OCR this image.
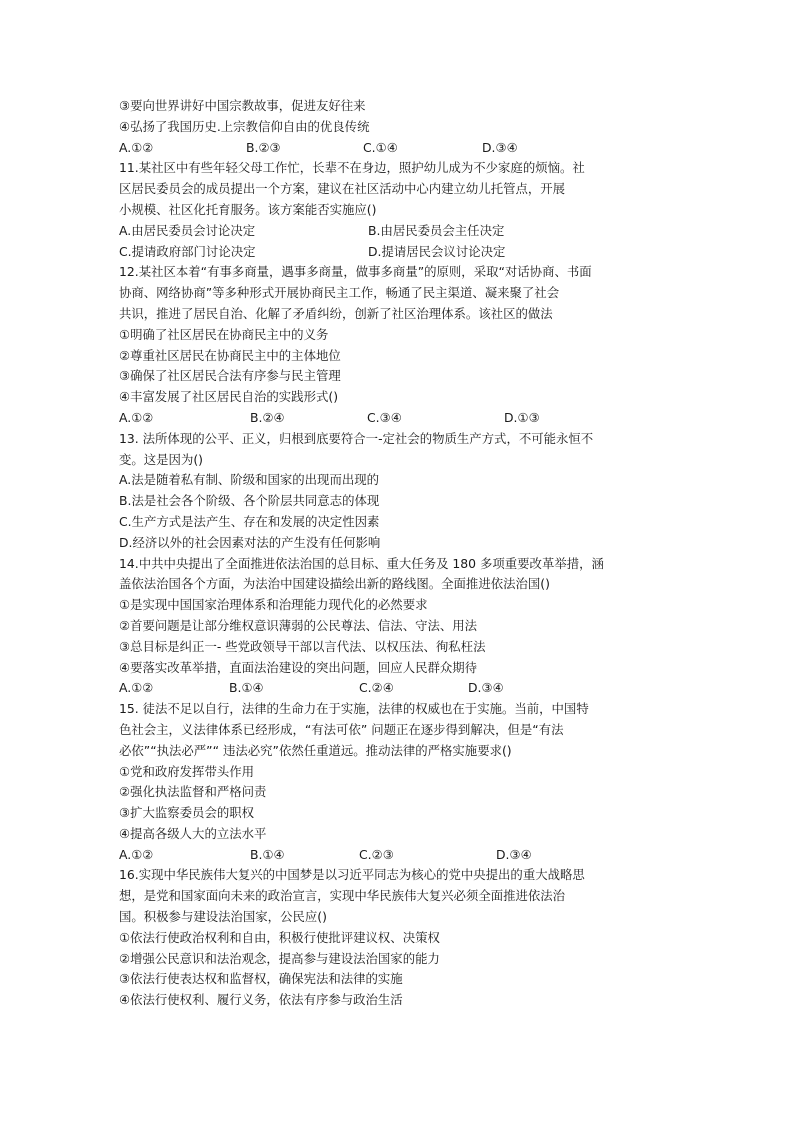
③要向世界讲好中国宗教故事，促进友好往来
④弘扬了我国历史.上宗教信仰自由的优良传统
A.①②	B.②③	C.①④	D.③④
11.某社区中有些年轻父母工作忙，长辈不在身边，照护幼儿成为不少家庭的烦恼。社
区居民委员会的成员提出一个方案，建议在社区活动中心内建立幼儿托管点，开展
小规模、社区化托育服务。该方案能否实施应()
A.由居民委员会讨论决定	B.由居民委员会主任决定
C.提请政府部门讨论决定	D.提请居民会议讨论决定
12.某社区本着“有事多商量，遇事多商量，做事多商量”的原则，采取“对话协商、书面
协商、网络协商”等多种形式开展协商民主工作，畅通了民主渠道、凝来聚了社会
共识，推进了居民自治、化解了矛盾纠纷，创新了社区治理体系。该社区的做法
①明确了社区居民在协商民主中的义务
②尊重社区居民在协商民主中的主体地位
③确保了社区居民合法有序参与民主管理
④丰富发展了社区居民自治的实践形式()
A.①②	B.②④	C.③④	D.①③
13. 法所体现的公平、正义，归根到底要符合一-定社会的物质生产方式，不可能永恒不
变。这是因为()
A.法是随着私有制、阶级和国家的出现而出现的
B.法是社会各个阶级、各个阶层共同意志的体现
C.生产方式是法产生、存在和发展的决定性因素
D.经济以外的社会因素对法的产生没有任何影响
14.中共中央提出了全面推进依法治国的总目标、重大任务及 180 多项重要改革举措，涵
盖依法治国各个方面，为法治中国建设描绘出新的路线图。全面推进依法治国()
①是实现中国国家治理体系和治理能力现代化的必然要求
②首要问题是让部分维权意识薄弱的公民尊法、信法、守法、用法
③总目标是纠正一- 些党政领导干部以言代法、以权压法、徇私枉法
④要落实改革举措，直面法治建设的突出问题，回应人民群众期待
A.①②	B.①④	C.②④	D.③④
15. 徒法不足以自行，法律的生命力在于实施，法律的权威也在于实施。当前，中国特
色社会主，义法律体系已经形成，“有法可依” 问题正在逐步得到解决，但是“有法
必依”“执法必严”“ 违法必究”依然任重道远。推动法律的严格实施要求()
①党和政府发挥带头作用
②强化执法监督和严格问责
③扩大监察委员会的职权
④提高各级人大的立法水平
A.①②	B.①④	C.②③	D.③④
16.实现中华民族伟大复兴的中国梦是以习近平同志为核心的党中央提出的重大战略思
想，是党和国家面向未来的政治宣言，实现中华民族伟大复兴必须全面推进依法治
国。积极参与建设法治国家，公民应()
①依法行使政治权利和自由，积极行使批评建议权、决策权
②增强公民意识和法治观念，提高参与建设法治国家的能力
③依法行使表达权和监督权，确保宪法和法律的实施
④依法行使权利、履行义务，依法有序参与政治生活
